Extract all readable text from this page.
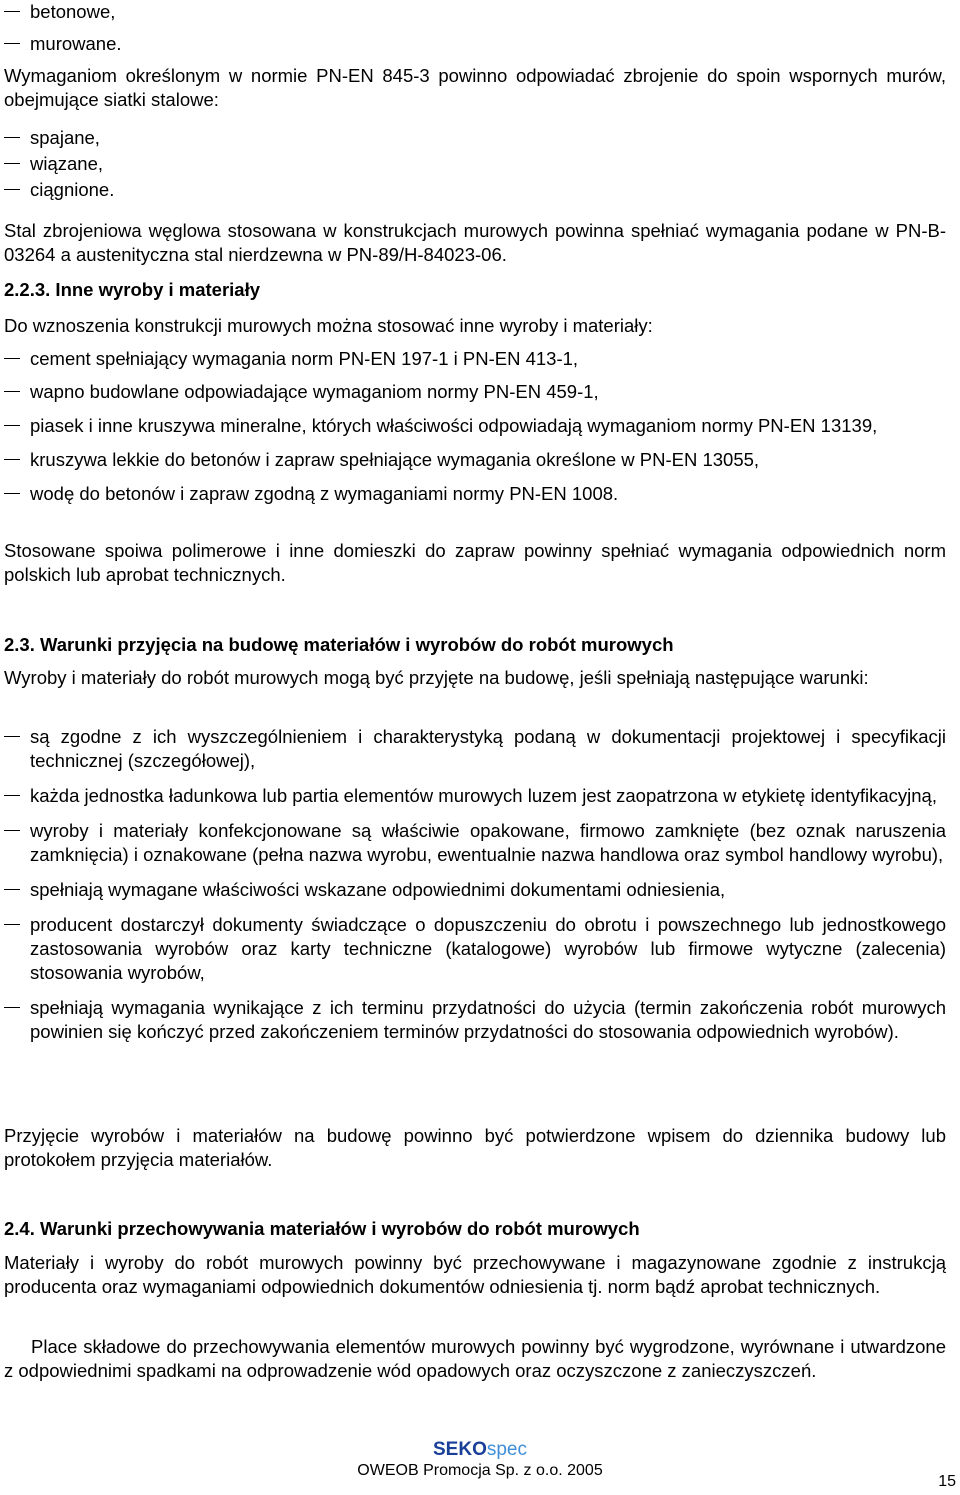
betonowe,
murowane.

Wymaganiom określonym w normie PN-EN 845-3 powinno odpowiadać zbrojenie do spoin wspornych murów, obejmujące siatki stalowe:

spajane,
wiązane,
ciągnione.

Stal zbrojeniowa węglowa stosowana w konstrukcjach murowych powinna spełniać wymagania podane w PN-B-03264 a austenityczna stal nierdzewna w PN-89/H-84023-06.

2.2.3. Inne wyroby i materiały

Do wznoszenia konstrukcji murowych można stosować inne wyroby i materiały:

cement spełniający wymagania norm PN-EN 197-1 i PN-EN 413-1,
wapno budowlane odpowiadające wymaganiom normy PN-EN 459-1,
piasek i inne kruszywa mineralne, których właściwości odpowiadają wymaganiom normy PN-EN 13139,
kruszywa lekkie do betonów i zapraw spełniające wymagania określone w PN-EN 13055,
wodę do betonów i zapraw zgodną z wymaganiami normy PN-EN 1008.

Stosowane spoiwa polimerowe i inne domieszki do zapraw powinny spełniać wymagania odpowiednich norm polskich lub aprobat technicznych.

2.3. Warunki przyjęcia na budowę materiałów i wyrobów do robót murowych

Wyroby i materiały do robót murowych mogą być przyjęte na budowę, jeśli spełniają następujące warunki:

są zgodne z ich wyszczególnieniem i charakterystyką podaną w dokumentacji projektowej i specyfikacji technicznej (szczegółowej),
każda jednostka ładunkowa lub partia elementów murowych luzem jest zaopatrzona w etykietę identyfikacyjną,
wyroby i materiały konfekcjonowane są właściwie opakowane, firmowo zamknięte (bez oznak naruszenia zamknięcia) i oznakowane (pełna nazwa wyrobu, ewentualnie nazwa handlowa oraz symbol handlowy wyrobu),
spełniają wymagane właściwości wskazane odpowiednimi dokumentami odniesienia,
producent dostarczył dokumenty świadczące o dopuszczeniu do obrotu i powszechnego lub jednostkowego zastosowania wyrobów oraz karty techniczne (katalogowe) wyrobów lub firmowe wytyczne (zalecenia) stosowania wyrobów,
spełniają wymagania wynikające z ich terminu przydatności do użycia (termin zakończenia robót murowych powinien się kończyć przed zakończeniem terminów przydatności do stosowania odpowiednich wyrobów).

Przyjęcie wyrobów i materiałów na budowę powinno być potwierdzone wpisem do dziennika budowy lub protokołem przyjęcia materiałów.

2.4. Warunki przechowywania materiałów i wyrobów do robót murowych

Materiały i wyroby do robót murowych powinny być przechowywane i magazynowane zgodnie z instrukcją producenta oraz wymaganiami odpowiednich dokumentów odniesienia tj. norm bądź aprobat technicznych.

Place składowe do przechowywania elementów murowych powinny być wygrodzone, wyrównane i utwardzone z odpowiednimi spadkami na odprowadzenie wód opadowych oraz oczyszczone z zanieczyszczeń.

SEKOspec
OWEOB Promocja Sp. z o.o. 2005
15
